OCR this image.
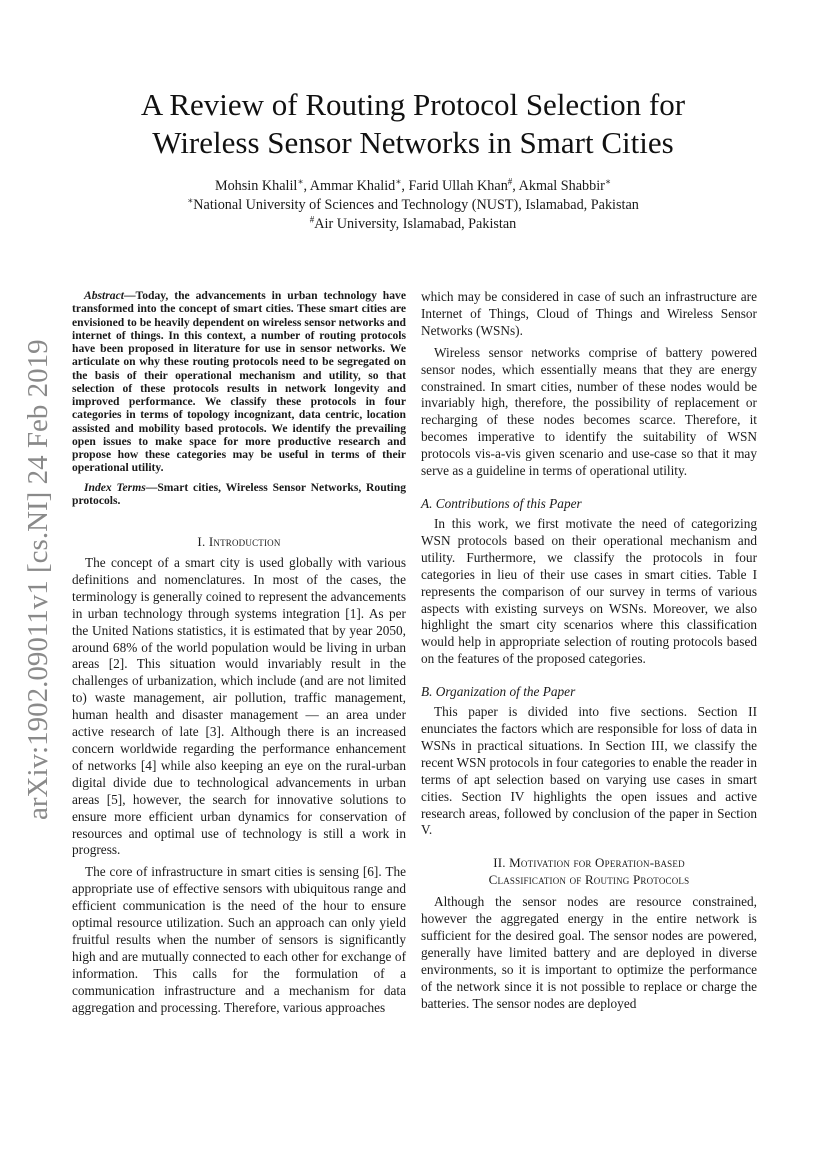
arXiv:1902.09011v1 [cs.NI] 24 Feb 2019
A Review of Routing Protocol Selection for
Wireless Sensor Networks in Smart Cities
Mohsin Khalil∗, Ammar Khalid∗, Farid Ullah Khan#, Akmal Shabbir∗
∗National University of Sciences and Technology (NUST), Islamabad, Pakistan
#Air University, Islamabad, Pakistan

Abstract—Today, the advancements in urban technology have transformed into the concept of smart cities. These smart cities are envisioned to be heavily dependent on wireless sensor networks and internet of things. In this context, a number of routing protocols have been proposed in literature for use in sensor networks. We articulate on why these routing protocols need to be segregated on the basis of their operational mechanism and utility, so that selection of these protocols results in network longevity and improved performance. We classify these protocols in four categories in terms of topology incognizant, data centric, location assisted and mobility based protocols. We identify the prevailing open issues to make space for more productive research and propose how these categories may be useful in terms of their operational utility.

Index Terms—Smart cities, Wireless Sensor Networks, Routing protocols.

I. Introduction

The concept of a smart city is used globally with various definitions and nomenclatures. In most of the cases, the terminology is generally coined to represent the advancements in urban technology through systems integration [1]. As per the United Nations statistics, it is estimated that by year 2050, around 68% of the world population would be living in urban areas [2]. This situation would invariably result in the challenges of urbanization, which include (and are not limited to) waste management, air pollution, traffic management, human health and disaster management — an area under active research of late [3]. Although there is an increased concern worldwide regarding the performance enhancement of networks [4] while also keeping an eye on the rural-urban digital divide due to technological advancements in urban areas [5], however, the search for innovative solutions to ensure more efficient urban dynamics for conservation of resources and optimal use of technology is still a work in progress.

The core of infrastructure in smart cities is sensing [6]. The appropriate use of effective sensors with ubiquitous range and efficient communication is the need of the hour to ensure optimal resource utilization. Such an approach can only yield fruitful results when the number of sensors is significantly high and are mutually connected to each other for exchange of information. This calls for the formulation of a communication infrastructure and a mechanism for data aggregation and processing. Therefore, various approaches

which may be considered in case of such an infrastructure are Internet of Things, Cloud of Things and Wireless Sensor Networks (WSNs).

Wireless sensor networks comprise of battery powered sensor nodes, which essentially means that they are energy constrained. In smart cities, number of these nodes would be invariably high, therefore, the possibility of replacement or recharging of these nodes becomes scarce. Therefore, it becomes imperative to identify the suitability of WSN protocols vis-a-vis given scenario and use-case so that it may serve as a guideline in terms of operational utility.

A. Contributions of this Paper

In this work, we first motivate the need of categorizing WSN protocols based on their operational mechanism and utility. Furthermore, we classify the protocols in four categories in lieu of their use cases in smart cities. Table I represents the comparison of our survey in terms of various aspects with existing surveys on WSNs. Moreover, we also highlight the smart city scenarios where this classification would help in appropriate selection of routing protocols based on the features of the proposed categories.

B. Organization of the Paper

This paper is divided into five sections. Section II enunciates the factors which are responsible for loss of data in WSNs in practical situations. In Section III, we classify the recent WSN protocols in four categories to enable the reader in terms of apt selection based on varying use cases in smart cities. Section IV highlights the open issues and active research areas, followed by conclusion of the paper in Section V.

II. Motivation for Operation-based
Classification of Routing Protocols

Although the sensor nodes are resource constrained, however the aggregated energy in the entire network is sufficient for the desired goal. The sensor nodes are powered, generally have limited battery and are deployed in diverse environments, so it is important to optimize the performance of the network since it is not possible to replace or charge the batteries. The sensor nodes are deployed
